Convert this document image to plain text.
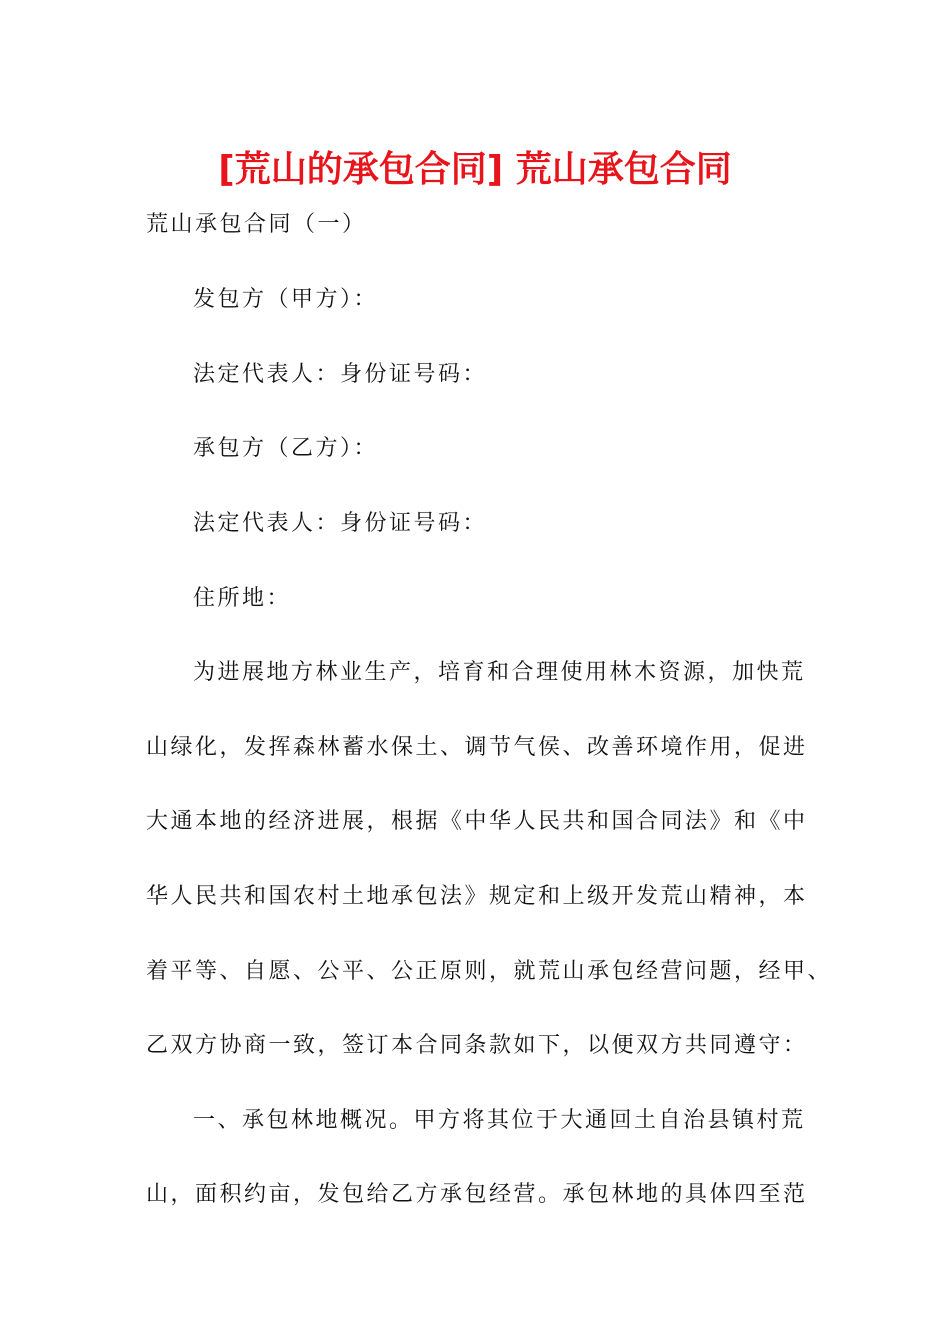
[荒山的承包合同] 荒山承包合同
荒山承包合同（一）
发包方（甲方）：
法定代表人：身份证号码：
承包方（乙方）：
法定代表人：身份证号码：
住所地：
为进展地方林业生产，培育和合理使用林木资源，加快荒
山绿化，发挥森林蓄水保土、调节气侯、改善环境作用，促进
大通本地的经济进展，根据《中华人民共和国合同法》和《中
华人民共和国农村土地承包法》规定和上级开发荒山精神，本
着平等、自愿、公平、公正原则，就荒山承包经营问题，经甲、
乙双方协商一致，签订本合同条款如下，以便双方共同遵守：
一、承包林地概况。甲方将其位于大通回土自治县镇村荒
山，面积约亩，发包给乙方承包经营。承包林地的具体四至范
